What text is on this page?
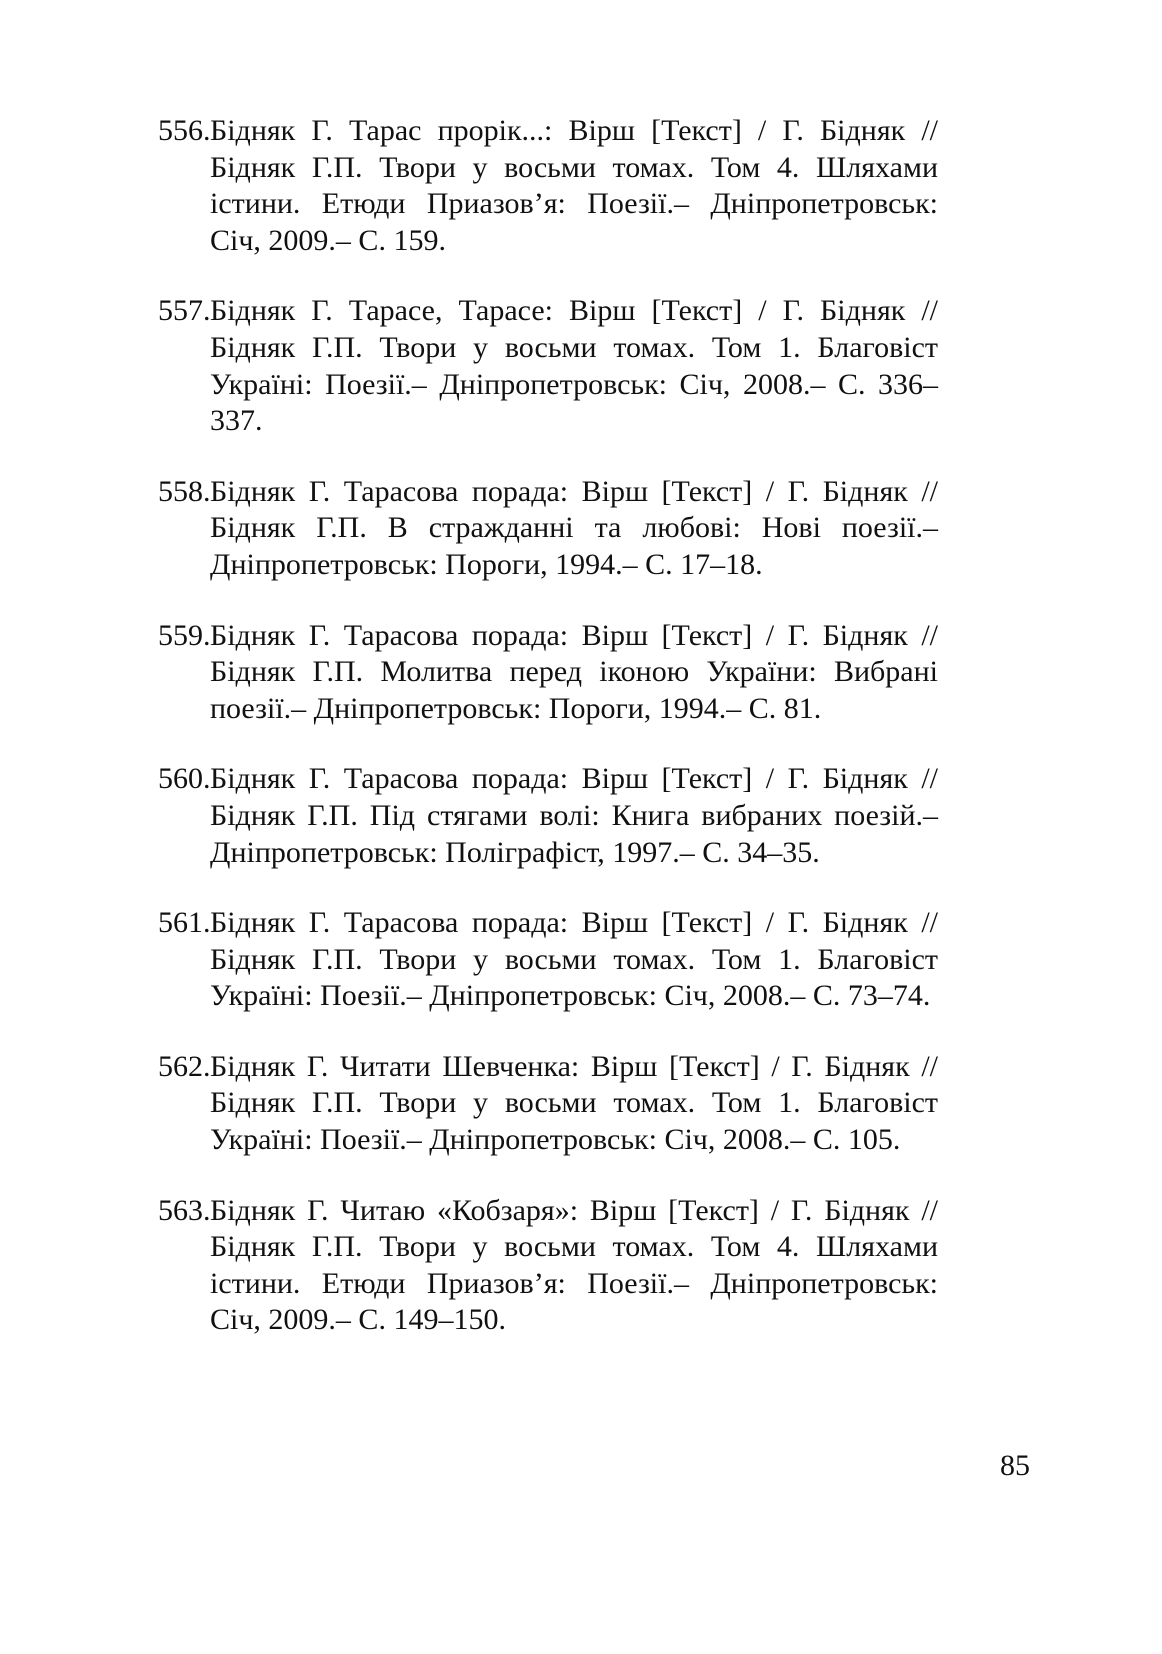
556. Бідняк Г. Тарас прорік...: Вірш [Текст] / Г. Бідняк // Бідняк Г.П. Твори у восьми томах. Том 4. Шляхами істини. Етюди Приазов’я: Поезії.– Дніпропетровськ: Січ, 2009.– С. 159.
557. Бідняк Г. Тарасе, Тарасе: Вірш [Текст] / Г. Бідняк // Бідняк Г.П. Твори у восьми томах. Том 1. Благовіст Україні: Поезії.– Дніпропетровськ: Січ, 2008.– С. 336–337.
558. Бідняк Г. Тарасова порада: Вірш [Текст] / Г. Бідняк // Бідняк Г.П. В стражданні та любові: Нові поезії.– Дніпропетровськ: Пороги, 1994.– С. 17–18.
559. Бідняк Г. Тарасова порада: Вірш [Текст] / Г. Бідняк // Бідняк Г.П. Молитва перед іконою України: Вибрані поезії.– Дніпропетровськ: Пороги, 1994.– С. 81.
560. Бідняк Г. Тарасова порада: Вірш [Текст] / Г. Бідняк // Бідняк Г.П. Під стягами волі: Книга вибраних поезій.– Дніпропетровськ: Поліграфіст, 1997.– С. 34–35.
561. Бідняк Г. Тарасова порада: Вірш [Текст] / Г. Бідняк // Бідняк Г.П. Твори у восьми томах. Том 1. Благовіст Україні: Поезії.– Дніпропетровськ: Січ, 2008.– С. 73–74.
562. Бідняк Г. Читати Шевченка: Вірш [Текст] / Г. Бідняк // Бідняк Г.П. Твори у восьми томах. Том 1. Благовіст Україні: Поезії.– Дніпропетровськ: Січ, 2008.– С. 105.
563. Бідняк Г. Читаю «Кобзаря»: Вірш [Текст] / Г. Бідняк // Бідняк Г.П. Твори у восьми томах. Том 4. Шляхами істини. Етюди Приазов’я: Поезії.– Дніпропетровськ: Січ, 2009.– С. 149–150.
85
